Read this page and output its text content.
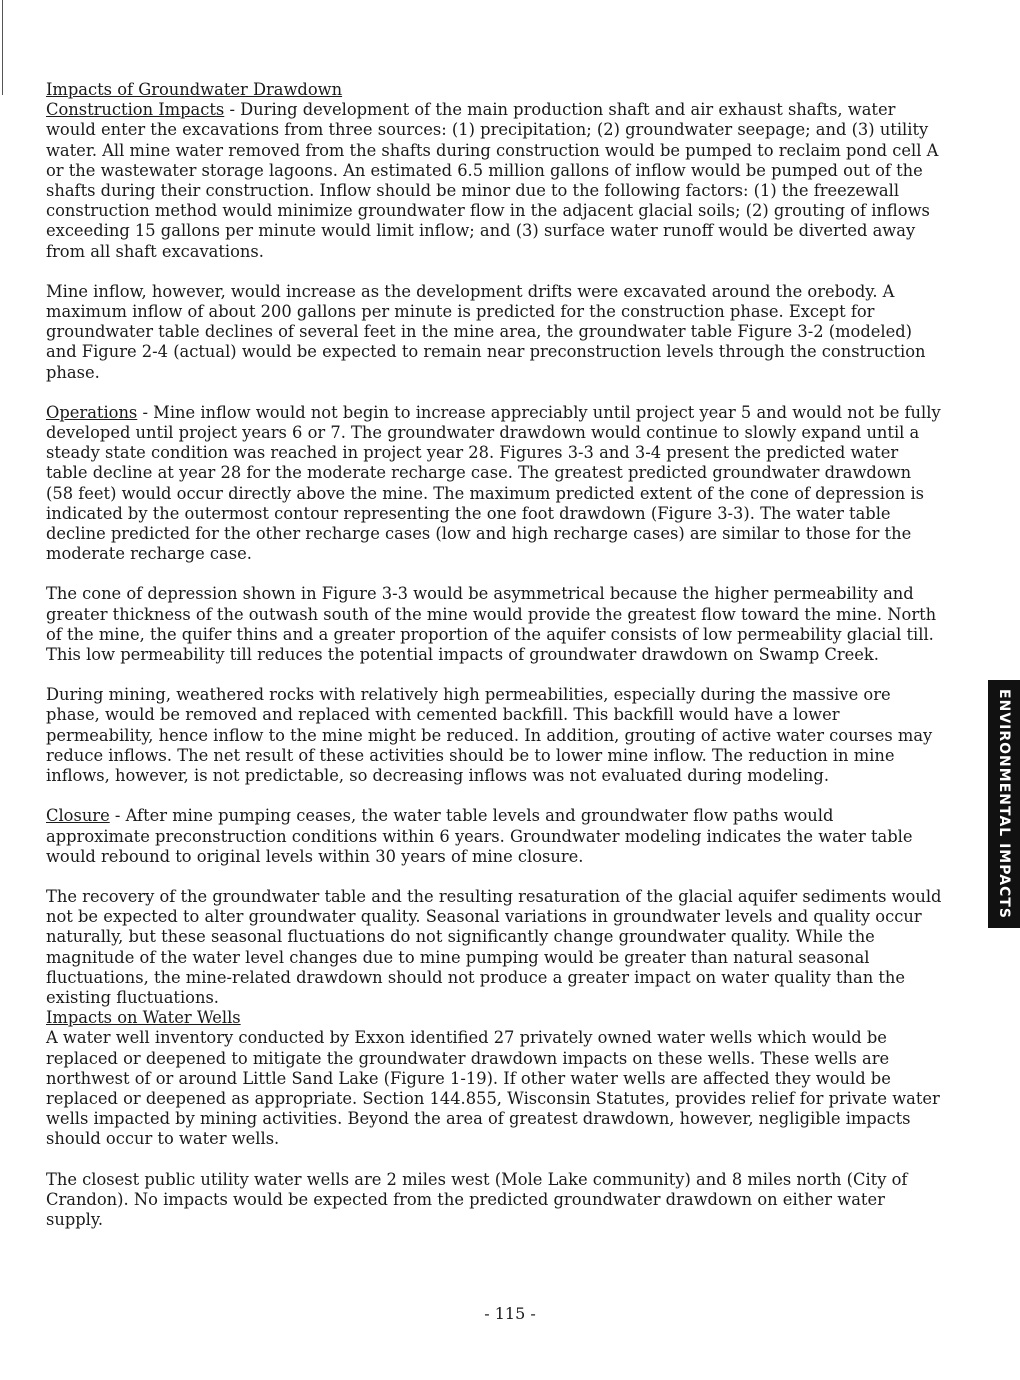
Impacts of Groundwater Drawdown

Construction Impacts - During development of the main production shaft and air exhaust shafts, water would enter the excavations from three sources: (1) precipitation; (2) groundwater seepage; and (3) utility water. All mine water removed from the shafts during construction would be pumped to reclaim pond cell A or the wastewater storage lagoons. An estimated 6.5 million gallons of inflow would be pumped out of the shafts during their construction. Inflow should be minor due to the following factors: (1) the freezewall construction method would minimize groundwater flow in the adjacent glacial soils; (2) grouting of inflows exceeding 15 gallons per minute would limit inflow; and (3) surface water runoff would be diverted away from all shaft excavations.

Mine inflow, however, would increase as the development drifts were excavated around the orebody. A maximum inflow of about 200 gallons per minute is predicted for the construction phase. Except for groundwater table declines of several feet in the mine area, the groundwater table Figure 3-2 (modeled) and Figure 2-4 (actual) would be expected to remain near preconstruction levels through the construction phase.

Operations - Mine inflow would not begin to increase appreciably until project year 5 and would not be fully developed until project years 6 or 7. The groundwater drawdown would continue to slowly expand until a steady state condition was reached in project year 28. Figures 3-3 and 3-4 present the predicted water table decline at year 28 for the moderate recharge case. The greatest predicted groundwater drawdown (58 feet) would occur directly above the mine. The maximum predicted extent of the cone of depression is indicated by the outermost contour representing the one foot drawdown (Figure 3-3). The water table decline predicted for the other recharge cases (low and high recharge cases) are similar to those for the moderate recharge case.

The cone of depression shown in Figure 3-3 would be asymmetrical because the higher permeability and greater thickness of the outwash south of the mine would provide the greatest flow toward the mine. North of the mine, the quifer thins and a greater proportion of the aquifer consists of low permeability glacial till. This low permeability till reduces the potential impacts of groundwater drawdown on Swamp Creek.

During mining, weathered rocks with relatively high permeabilities, especially during the massive ore phase, would be removed and replaced with cemented backfill. This backfill would have a lower permeability, hence inflow to the mine might be reduced. In addition, grouting of active water courses may reduce inflows. The net result of these activities should be to lower mine inflow. The reduction in mine inflows, however, is not predictable, so decreasing inflows was not evaluated during modeling.

Closure - After mine pumping ceases, the water table levels and groundwater flow paths would approximate preconstruction conditions within 6 years. Groundwater modeling indicates the water table would rebound to original levels within 30 years of mine closure.

The recovery of the groundwater table and the resulting resaturation of the glacial aquifer sediments would not be expected to alter groundwater quality. Seasonal variations in groundwater levels and quality occur naturally, but these seasonal fluctuations do not significantly change groundwater quality. While the magnitude of the water level changes due to mine pumping would be greater than natural seasonal fluctuations, the mine-related drawdown should not produce a greater impact on water quality than the existing fluctuations.

Impacts on Water Wells

A water well inventory conducted by Exxon identified 27 privately owned water wells which would be replaced or deepened to mitigate the groundwater drawdown impacts on these wells. These wells are northwest of or around Little Sand Lake (Figure 1-19). If other water wells are affected they would be replaced or deepened as appropriate. Section 144.855, Wisconsin Statutes, provides relief for private water wells impacted by mining activities. Beyond the area of greatest drawdown, however, negligible impacts should occur to water wells.

The closest public utility water wells are 2 miles west (Mole Lake community) and 8 miles north (City of Crandon). No impacts would be expected from the predicted groundwater drawdown on either water supply.

ENVIRONMENTAL IMPACTS
- 115 -
